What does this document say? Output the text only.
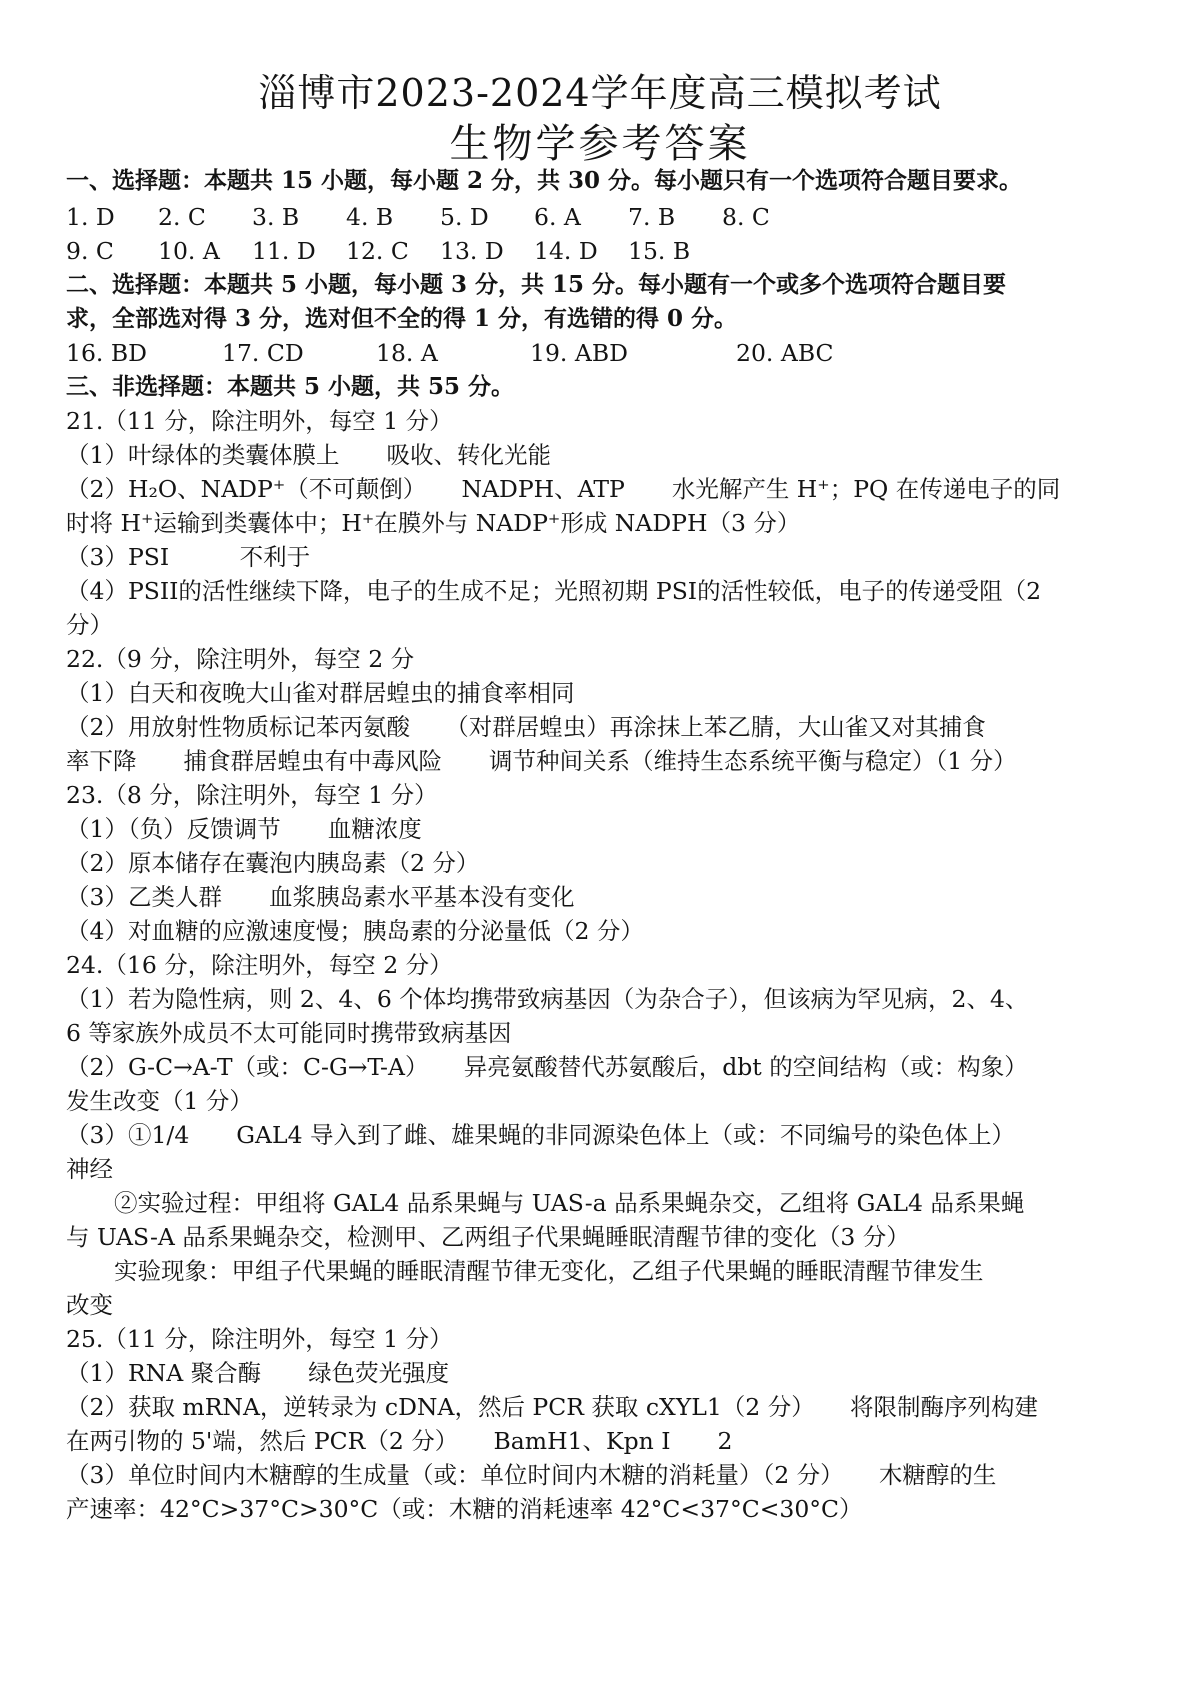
淄博市2023-2024学年度高三模拟考试
生物学参考答案
一、选择题：本题共 15 小题，每小题 2 分，共 30 分。每小题只有一个选项符合题目要求。
1. D 2. C 3. B 4. B 5. D 6. A 7. B 8. C
9. C 10. A 11. D 12. C 13. D 14. D 15. B
二、选择题：本题共 5 小题，每小题 3 分，共 15 分。每小题有一个或多个选项符合题目要
求，全部选对得 3 分，选对但不全的得 1 分，有选错的得 0 分。
16. BD	17. CD	18. A	19. ABD	20. ABC
三、非选择题：本题共 5 小题，共 55 分。
21.（11 分，除注明外，每空 1 分）
（1）叶绿体的类囊体膜上　　吸收、转化光能
（2）H₂O、NADP⁺（不可颠倒）　　NADPH、ATP　　水光解产生 H⁺；PQ 在传递电子的同
时将 H⁺运输到类囊体中；H⁺在膜外与 NADP⁺形成 NADPH（3 分）
（3）PSI　　　不利于
（4）PSII的活性继续下降，电子的生成不足；光照初期 PSI的活性较低，电子的传递受阻（2
分）
22.（9 分，除注明外，每空 2 分
（1）白天和夜晚大山雀对群居蝗虫的捕食率相同
（2）用放射性物质标记苯丙氨酸　　（对群居蝗虫）再涂抹上苯乙腈，大山雀又对其捕食
率下降　　捕食群居蝗虫有中毒风险　　调节种间关系（维持生态系统平衡与稳定）（1 分）
23.（8 分，除注明外，每空 1 分）
（1）（负）反馈调节　　血糖浓度
（2）原本储存在囊泡内胰岛素（2 分）
（3）乙类人群　　血浆胰岛素水平基本没有变化
（4）对血糖的应激速度慢；胰岛素的分泌量低（2 分）
24.（16 分，除注明外，每空 2 分）
（1）若为隐性病，则 2、4、6 个体均携带致病基因（为杂合子），但该病为罕见病，2、4、
6 等家族外成员不太可能同时携带致病基因
（2）G-C→A-T（或：C-G→T-A）　　异亮氨酸替代苏氨酸后，dbt 的空间结构（或：构象）
发生改变（1 分）
（3）①1/4　　GAL4 导入到了雌、雄果蝇的非同源染色体上（或：不同编号的染色体上）
神经
②实验过程：甲组将 GAL4 品系果蝇与 UAS-a 品系果蝇杂交，乙组将 GAL4 品系果蝇
与 UAS-A 品系果蝇杂交，检测甲、乙两组子代果蝇睡眠清醒节律的变化（3 分）
实验现象：甲组子代果蝇的睡眠清醒节律无变化，乙组子代果蝇的睡眠清醒节律发生
改变
25.（11 分，除注明外，每空 1 分）
（1）RNA 聚合酶　　绿色荧光强度
（2）获取 mRNA，逆转录为 cDNA，然后 PCR 获取 cXYL1（2 分）　　将限制酶序列构建
在两引物的 5'端，然后 PCR（2 分）　　BamH1、Kpn I　　2
（3）单位时间内木糖醇的生成量（或：单位时间内木糖的消耗量）（2 分）　　木糖醇的生
产速率：42°C>37°C>30°C（或：木糖的消耗速率 42°C<37°C<30°C）
